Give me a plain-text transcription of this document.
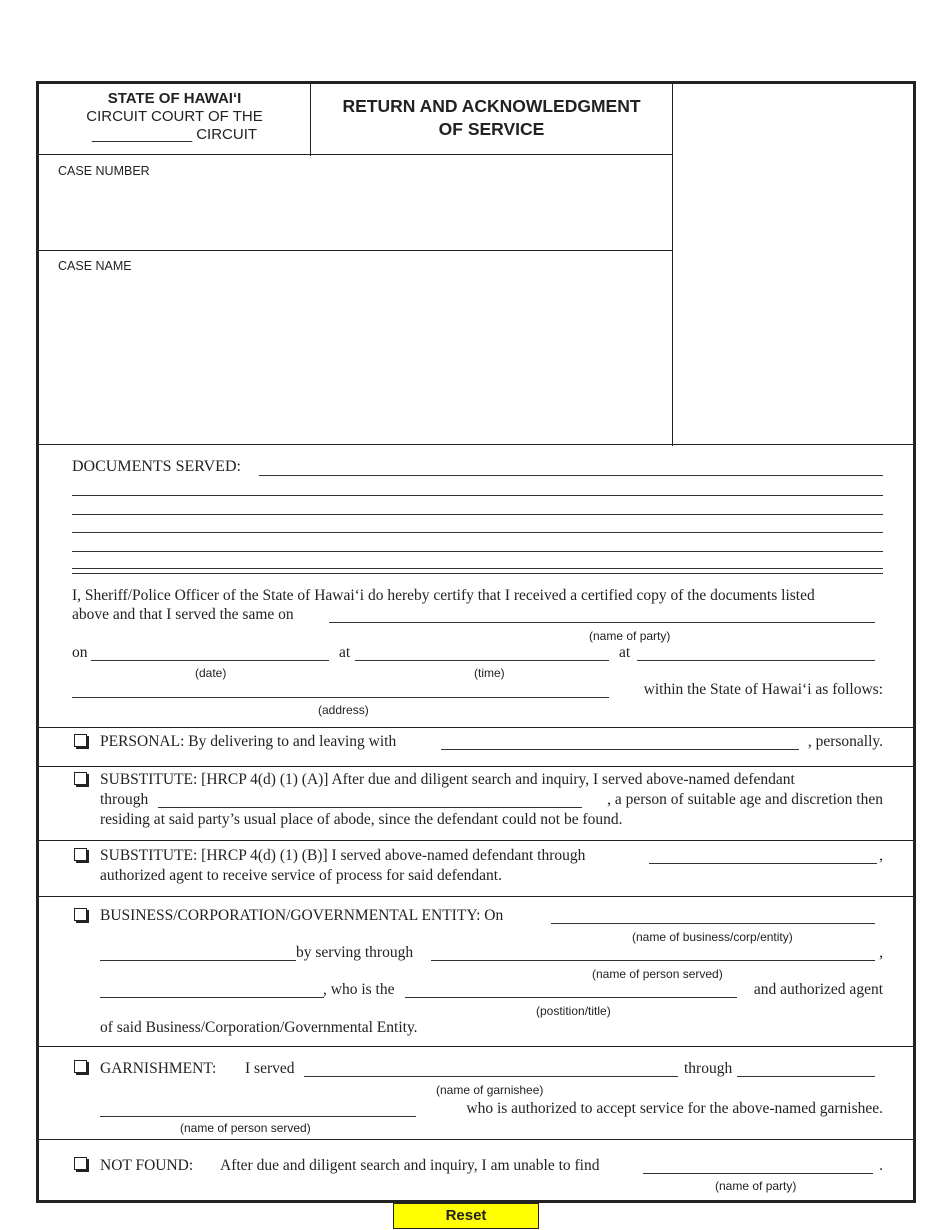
STATE OF HAWAIʻI
CIRCUIT COURT OF THE
____________ CIRCUIT
RETURN AND ACKNOWLEDGMENT
OF SERVICE
CASE NUMBER
CASE NAME
DOCUMENTS SERVED:
I, Sheriff/Police Officer of the State of Hawaiʻi do hereby certify that I received a certified copy of the documents listed
above and that I served the same on
(name of party)
on	at	at
(date)	(time)
within the State of Hawaiʻi as follows:
(address)
PERSONAL: By delivering to and leaving with	, personally.
SUBSTITUTE: [HRCP 4(d) (1) (A)] After due and diligent search and inquiry, I served above-named defendant
through	, a person of suitable age and discretion then
residing at said party’s usual place of abode, since the defendant could not be found.
SUBSTITUTE: [HRCP 4(d) (1) (B)] I served above-named defendant through	,
authorized agent to receive service of process for said defendant.
BUSINESS/CORPORATION/GOVERNMENTAL ENTITY: On
(name of business/corp/entity)
by serving through	,
(name of person served)
, who is the	and authorized agent
(postition/title)
of said Business/Corporation/Governmental Entity.
GARNISHMENT: I served	through
(name of garnishee)
who is authorized to accept service for the above-named garnishee.
(name of person served)
NOT FOUND: After due and diligent search and inquiry, I am unable to find	.
(name of party)
Reset
